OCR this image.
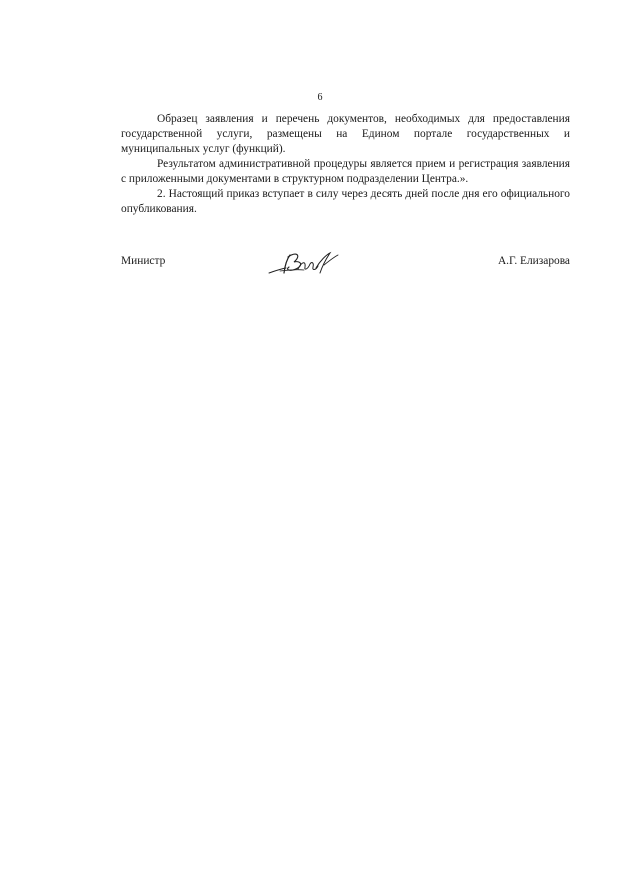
6

Образец заявления и перечень документов, необходимых для предоставления государственной услуги, размещены на Едином портале государственных и муниципальных услуг (функций).

Результатом административной процедуры является прием и регистрация заявления с приложенными документами в структурном подразделении Центра.».

2. Настоящий приказ вступает в силу через десять дней после дня его официального опубликования.

Министр	А.Г. Елизарова
